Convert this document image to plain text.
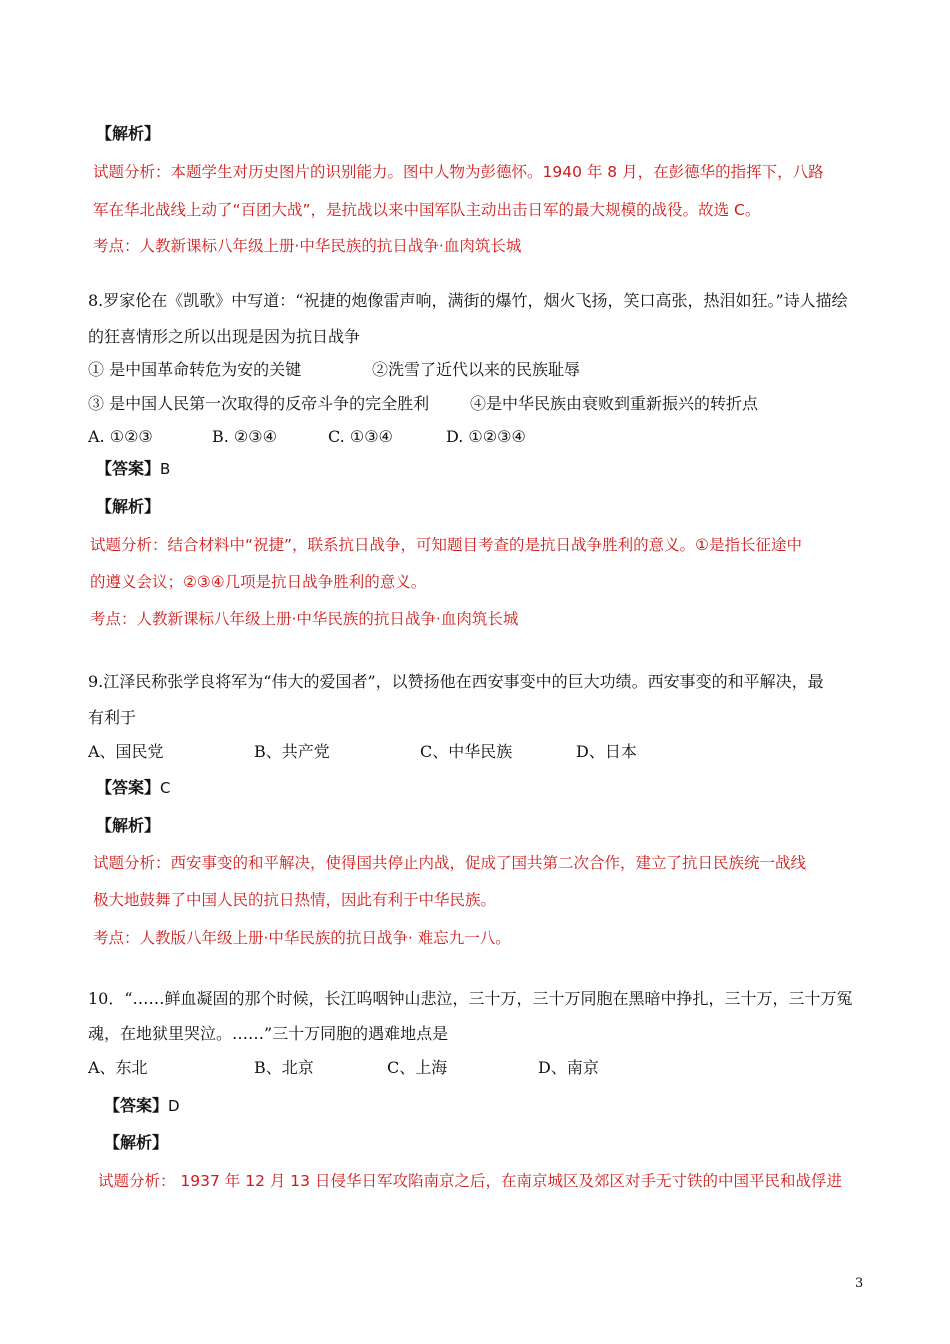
【解析】
试题分析：本题学生对历史图片的识别能力。图中人物为彭德怀。1940 年 8 月，在彭德华的指挥下，八路
军在华北战线上动了“百团大战”，是抗战以来中国军队主动出击日军的最大规模的战役。故选 C。
考点：人教新课标八年级上册·中华民族的抗日战争·血肉筑长城
8.罗家伦在《凯歌》中写道：“祝捷的炮像雷声响，满街的爆竹，烟火飞扬，笑口高张，热泪如狂。”诗人描绘
的狂喜情形之所以出现是因为抗日战争
① 是中国革命转危为安的关键	②洗雪了近代以来的民族耻辱
③ 是中国人民第一次取得的反帝斗争的完全胜利	④是中华民族由衰败到重新振兴的转折点
A. ①②③	B. ②③④	C. ①③④	D. ①②③④
【答案】B
【解析】
试题分析：结合材料中“祝捷”，联系抗日战争，可知题目考查的是抗日战争胜利的意义。①是指长征途中
的遵义会议；②③④几项是抗日战争胜利的意义。
考点：人教新课标八年级上册·中华民族的抗日战争·血肉筑长城
9.江泽民称张学良将军为“伟大的爱国者”，以赞扬他在西安事变中的巨大功绩。西安事变的和平解决，最
有利于
A、国民党	B、共产党	C、中华民族	D、日本
【答案】C
【解析】
试题分析：西安事变的和平解决，使得国共停止内战，促成了国共第二次合作，建立了抗日民族统一战线
极大地鼓舞了中国人民的抗日热情，因此有利于中华民族。
考点：人教版八年级上册·中华民族的抗日战争· 难忘九一八。
10．“……鲜血凝固的那个时候，长江呜咽钟山悲泣，三十万，三十万同胞在黑暗中挣扎，三十万，三十万冤
魂，在地狱里哭泣。……”三十万同胞的遇难地点是
A、东北	B、北京	C、上海	D、南京
【答案】D
【解析】
试题分析： 1937 年 12 月 13 日侵华日军攻陷南京之后，在南京城区及郊区对手无寸铁的中国平民和战俘进
3
